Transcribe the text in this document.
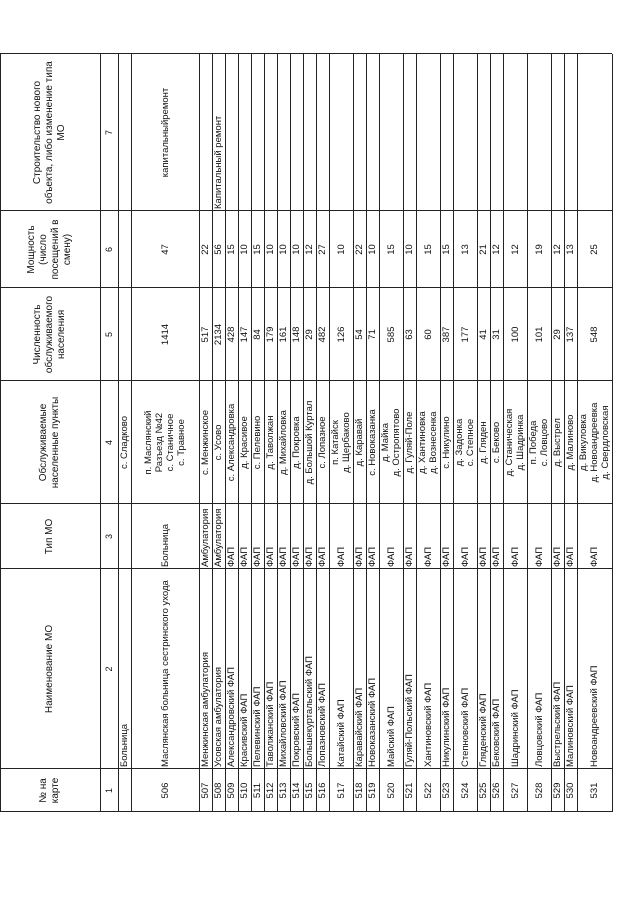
№ на карте
Наименование МО
Тип МО
Обслуживаемые населенные пункты
Численность обслуживаемого населения
Мощность (число посещений в смену)
Строительство нового объекта, либо изменение типа МО
1
2
3
4
5
6
7
Больница
с. Сладково
506
Маслянская больница сестринского ухода
Больница
п. Маслянский Разъезд №42 с. Станичное с. Травное
1414
47
капитальныйремонт
507
Менжинская амбулатория
Амбулатория
с. Менжинское
517
22
508
Усовская амбулатория
Амбулатория
с. Усово
2134
56
Капитальный ремонт
509
Александровский ФАП
ФАП
с. Александровка
428
15
510
Красивский ФАП
ФАП
д. Красивое
147
10
511
Пелевинский ФАП
ФАП
с. Пелевино
84
15
512
Таволжанский ФАП
ФАП
д. Таволжан
179
10
513
Михайловский ФАП
ФАП
д. Михайловка
161
10
514
Покровский ФАП
ФАП
д. Покровка
148
10
515
Большекуртальский ФАП
ФАП
д. Большой Куртал
29
12
516
Лопазновский ФАП
ФАП
с. Лопазное
482
27
517
Катайский ФАП
ФАП
п. Катайск д. Щербаково
126
10
518
Каравайский ФАП
ФАП
д. Каравай
54
22
519
Новоказанский ФАП
ФАП
с. Новоказанка
71
10
520
Майский ФАП
ФАП
д. Майка д. Остропятово
585
15
521
Гуляй-Польский ФАП
ФАП
д. Гуляй-Поле
63
10
522
Хантиновский ФАП
ФАП
д. Хантиновка д. Вознесенка
60
15
523
Никулинский ФАП
ФАП
с. Никулино
387
15
524
Степновский ФАП
ФАП
д. Задонка с. Степное
177
13
525
Гляденский ФАП
ФАП
д. Гляден
41
21
526
Бековский ФАП
ФАП
с. Беково
31
12
527
Шадринский ФАП
ФАП
д. Станичеcкая д. Шадринка
100
12
528
Ловцовский ФАП
ФАП
п. Победа с. Ловцово
101
19
529
Выстрельский ФАП
ФАП
д. Выстрел
29
12
530
Малиновский ФАП
ФАП
д. Малиново
137
13
531
Новоандреевский ФАП
ФАП
д. Викуловка д. Новоандреевка д. Свердловская
548
25
